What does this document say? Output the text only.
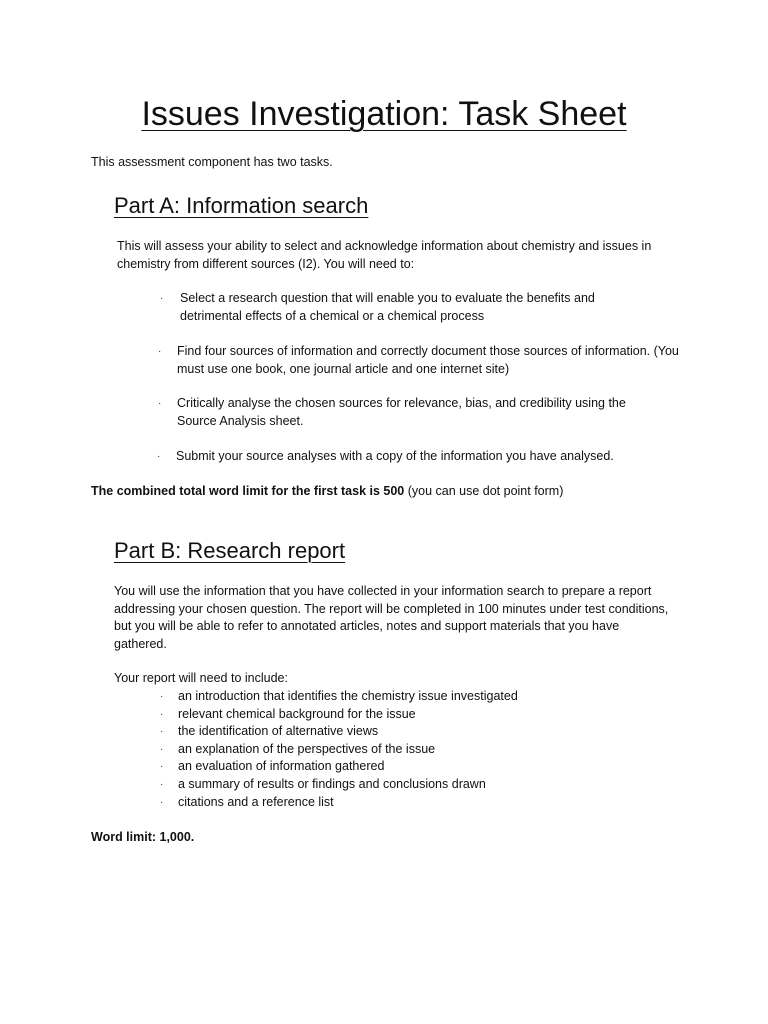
Issues Investigation: Task Sheet

This assessment component has two tasks.

Part A: Information search

This will assess your ability to select and acknowledge information about chemistry and issues in chemistry from different sources (I2). You will need to:

· Select a research question that will enable you to evaluate the benefits and detrimental effects of a chemical or a chemical process
· Find four sources of information and correctly document those sources of information. (You must use one book, one journal article and one internet site)
· Critically analyse the chosen sources for relevance, bias, and credibility using the Source Analysis sheet.
· Submit your source analyses with a copy of the information you have analysed.

The combined total word limit for the first task is 500 (you can use dot point form)

Part B: Research report

You will use the information that you have collected in your information search to prepare a report addressing your chosen question. The report will be completed in 100 minutes under test conditions, but you will be able to refer to annotated articles, notes and support materials that you have gathered.

Your report will need to include:

· an introduction that identifies the chemistry issue investigated
· relevant chemical background for the issue
· the identification of alternative views
· an explanation of the perspectives of the issue
· an evaluation of information gathered
· a summary of results or findings and conclusions drawn
· citations and a reference list

Word limit: 1,000.
